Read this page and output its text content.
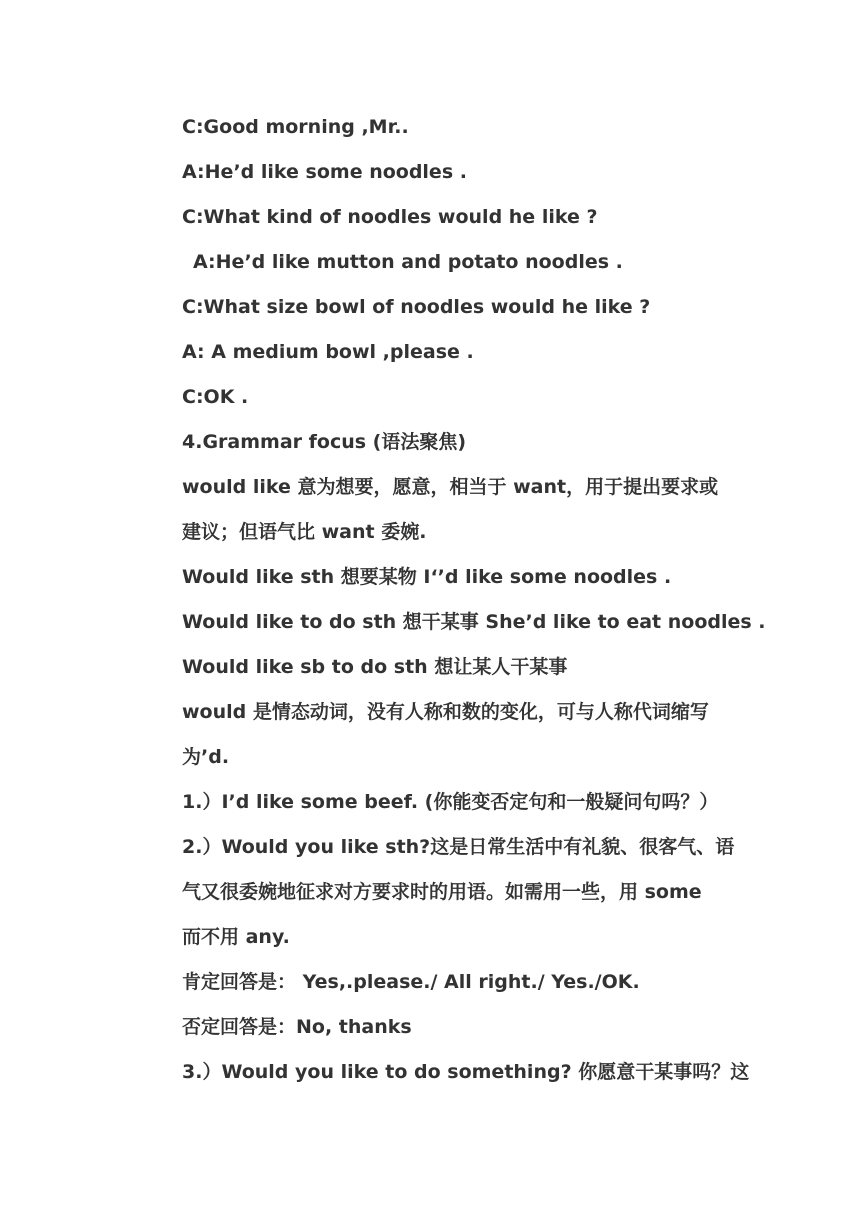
C:Good morning ,Mr..
A:He’d like some noodles .
C:What kind of noodles would he like ?
A:He’d like mutton and potato noodles .
C:What size bowl of noodles would he like ?
A: A medium bowl ,please .
C:OK .
4.Grammar focus (语法聚焦)
would like 意为想要，愿意，相当于 want，用于提出要求或
建议；但语气比 want 委婉.
Would like sth 想要某物 I‘’d like some noodles .
Would like to do sth 想干某事 She’d like to eat noodles .
Would like sb to do sth 想让某人干某事
would 是情态动词，没有人称和数的变化，可与人称代词缩写
为’d.
1.）I’d like some beef. (你能变否定句和一般疑问句吗？）
2.）Would you like sth?这是日常生活中有礼貌、很客气、语
气又很委婉地征求对方要求时的用语。如需用一些，用 some
而不用 any.
肯定回答是： Yes,.please./ All right./ Yes./OK.
否定回答是：No, thanks
3.）Would you like to do something? 你愿意干某事吗？这
